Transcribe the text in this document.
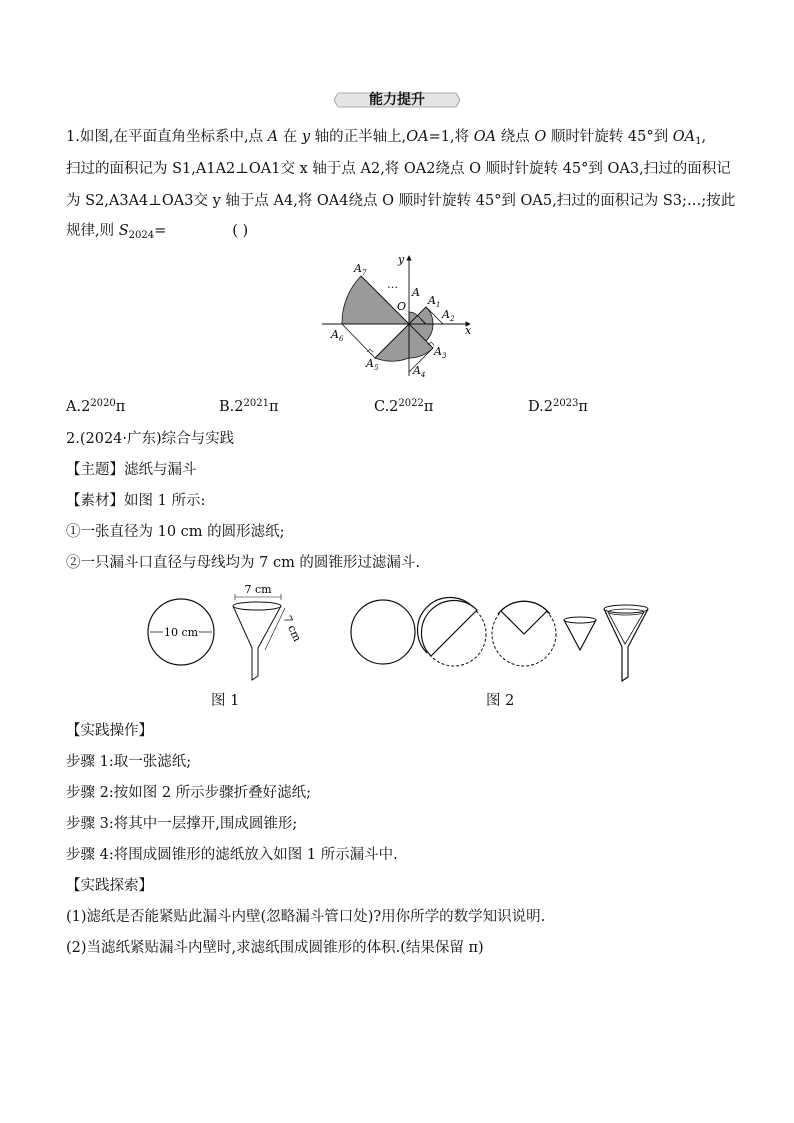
能力提升
1.如图,在平面直角坐标系中,点 A 在 y 轴的正半轴上,OA=1,将 OA 绕点 O 顺时针旋转 45°到 $OA_1$,
扫过的面积记为 S1,A1A2⊥OA1交 x 轴于点 A2,将 OA2绕点 O 顺时针旋转 45°到 OA3,扫过的面积记
为 S2,A3A4⊥OA3交 y 轴于点 A4,将 OA4绕点 O 顺时针旋转 45°到 OA5,扫过的面积记为 S3;…;按此
规律,则 $S_{2024}=$	( )
y
x
O
A
…
$A_1$
$A_2$
$A_3$
$A_4$
$A_5$
$A_6$
$A_7$
$A.2^{2020}\pi$	$B.2^{2021}\pi$	$C.2^{2022}\pi$	$D.2^{2023}\pi$
2.(2024·广东)综合与实践
【主题】滤纸与漏斗
【素材】如图 1 所示:
①一张直径为 10 cm 的圆形滤纸;
②一只漏斗口直径与母线均为 7 cm 的圆锥形过滤漏斗.
10 cm
7 cm
7 cm
图 1	图 2
【实践操作】
步骤 1:取一张滤纸;
步骤 2:按如图 2 所示步骤折叠好滤纸;
步骤 3:将其中一层撑开,围成圆锥形;
步骤 4:将围成圆锥形的滤纸放入如图 1 所示漏斗中.
【实践探索】
(1)滤纸是否能紧贴此漏斗内壁(忽略漏斗管口处)?用你所学的数学知识说明.
(2)当滤纸紧贴漏斗内壁时,求滤纸围成圆锥形的体积.(结果保留 π)
